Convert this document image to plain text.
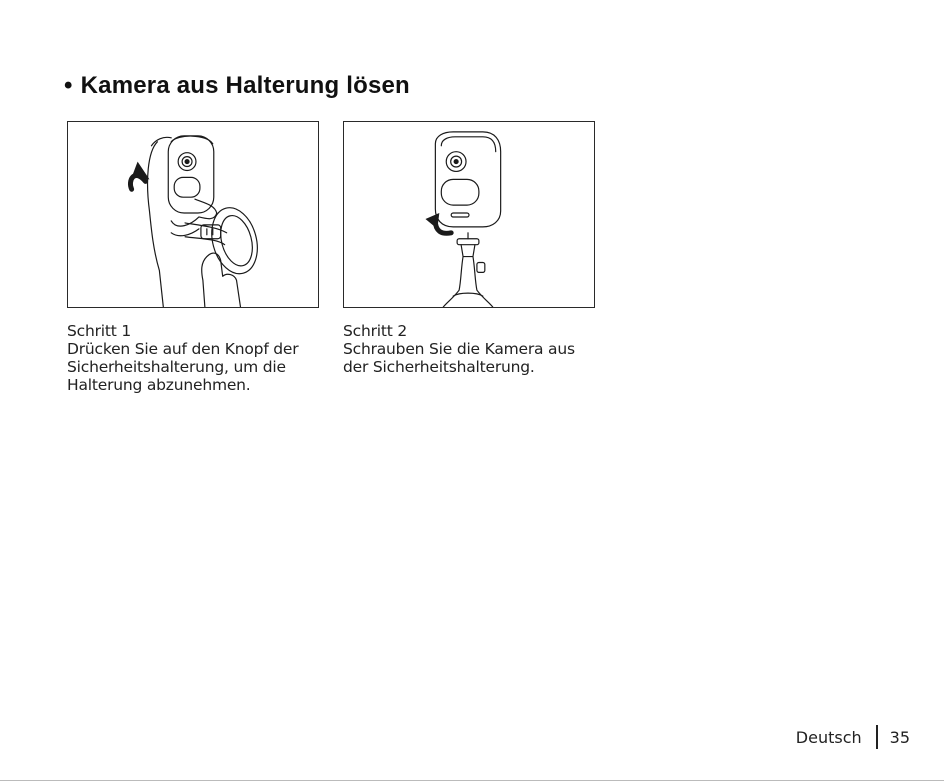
• Kamera aus Halterung lösen
Schritt 1
Drücken Sie auf den Knopf der
Sicherheitshalterung, um die
Halterung abzunehmen.
Schritt 2
Schrauben Sie die Kamera aus
der Sicherheitshalterung.
Deutsch 35
